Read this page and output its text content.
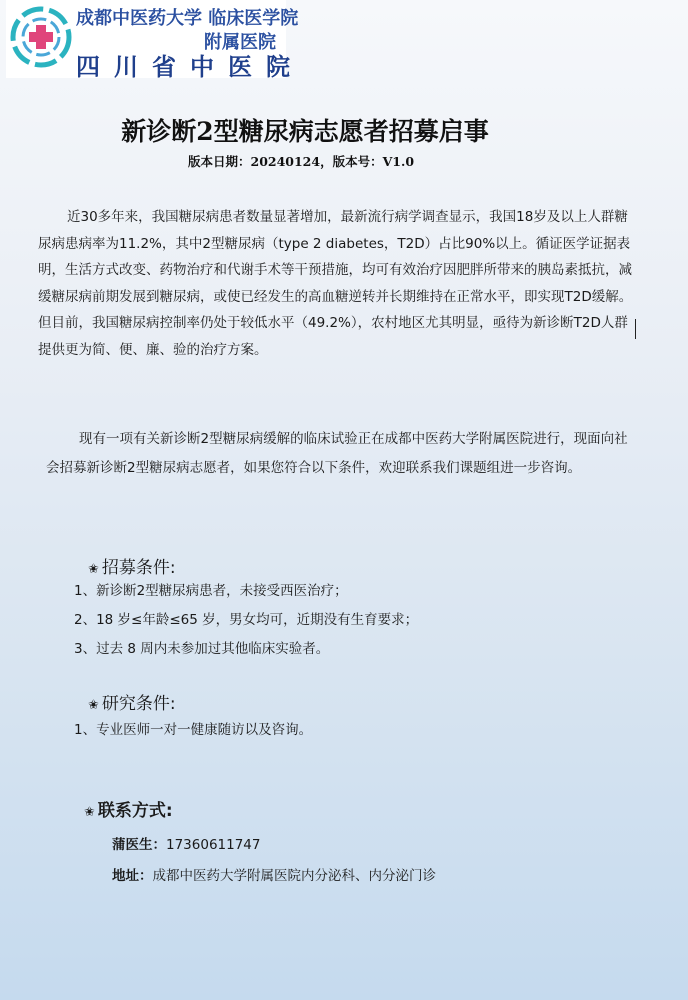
成都中医药大学 临床医学院
附属医院
四川省中医院
新诊断2型糖尿病志愿者招募启事
版本日期：20240124，版本号：V1.0
近30多年来，我国糖尿病患者数量显著增加，最新流行病学调查显示，我国18岁及以上人群糖尿病患病率为11.2%，其中2型糖尿病（type 2 diabetes，T2D）占比90%以上。循证医学证据表明，生活方式改变、药物治疗和代谢手术等干预措施，均可有效治疗因肥胖所带来的胰岛素抵抗，减缓糖尿病前期发展到糖尿病，或使已经发生的高血糖逆转并长期维持在正常水平，即实现T2D缓解。但目前，我国糖尿病控制率仍处于较低水平（49.2%），农村地区尤其明显，亟待为新诊断T2D人群提供更为简、便、廉、验的治疗方案。
现有一项有关新诊断2型糖尿病缓解的临床试验正在成都中医药大学附属医院进行，现面向社会招募新诊断2型糖尿病志愿者，如果您符合以下条件，欢迎联系我们课题组进一步咨询。
✬ 招募条件:
1、新诊断2型糖尿病患者，未接受西医治疗；
2、18 岁≤年龄≤65 岁，男女均可，近期没有生育要求；
3、过去 8 周内未参加过其他临床实验者。
✬ 研究条件:
1、专业医师一对一健康随访以及咨询。
✬ 联系方式:
蒲医生：17360611747
地址：成都中医药大学附属医院内分泌科、内分泌门诊
